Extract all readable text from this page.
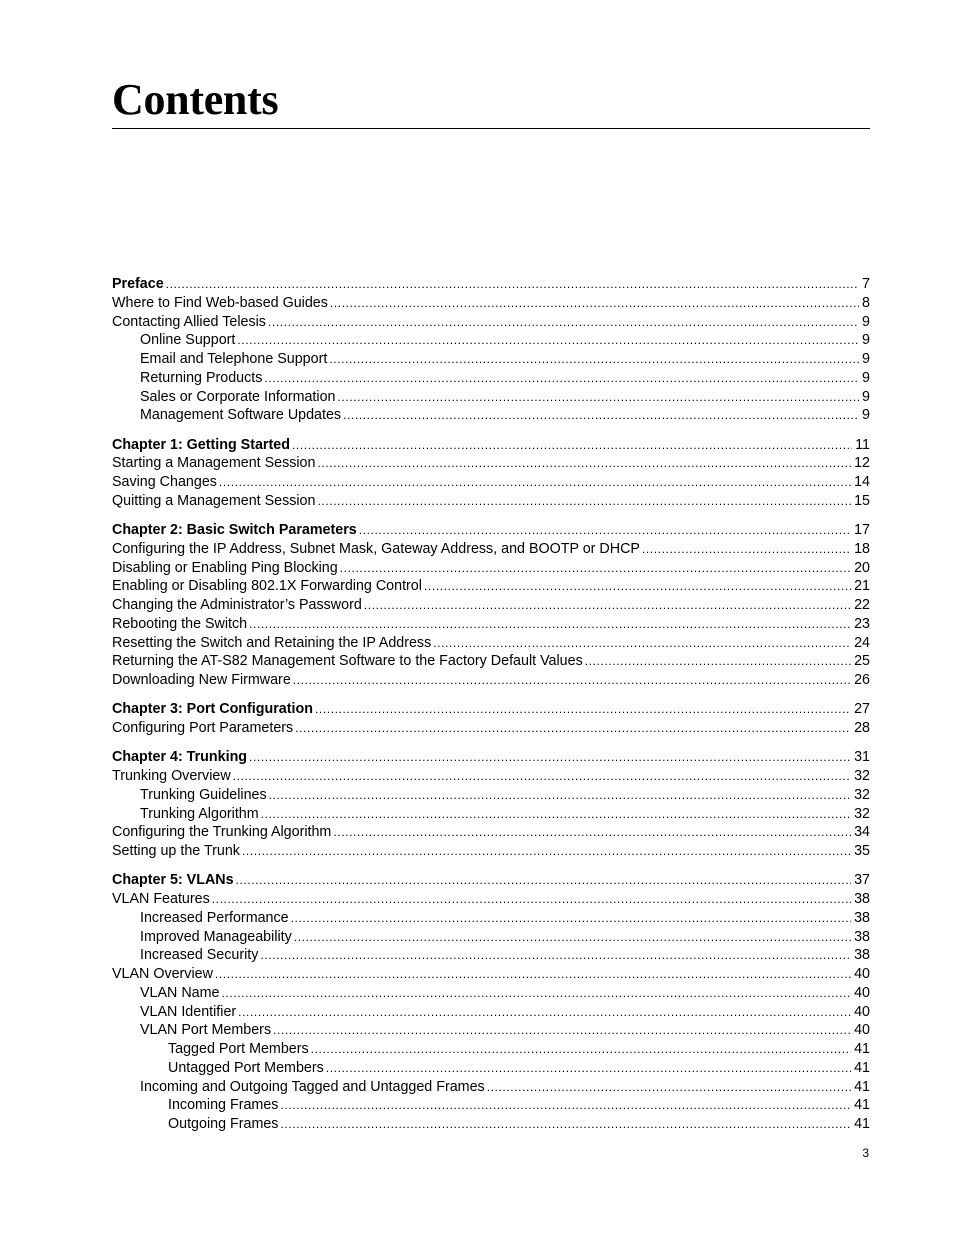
Contents
Preface .....	7
Where to Find Web-based Guides .....	8
Contacting Allied Telesis .....	9
Online Support .....	9
Email and Telephone Support .....	9
Returning Products .....	9
Sales or Corporate Information .....	9
Management Software Updates .....	9
Chapter 1: Getting Started .....	11
Starting a Management Session .....	12
Saving Changes .....	14
Quitting a Management Session .....	15
Chapter 2: Basic Switch Parameters .....	17
Configuring the IP Address, Subnet Mask, Gateway Address, and BOOTP or DHCP .....	18
Disabling or Enabling Ping Blocking .....	20
Enabling or Disabling 802.1X Forwarding Control .....	21
Changing the Administrator’s Password .....	22
Rebooting the Switch .....	23
Resetting the Switch and Retaining the IP Address .....	24
Returning the AT-S82 Management Software to the Factory Default Values .....	25
Downloading New Firmware .....	26
Chapter 3: Port Configuration .....	27
Configuring Port Parameters .....	28
Chapter 4: Trunking .....	31
Trunking Overview .....	32
Trunking Guidelines .....	32
Trunking Algorithm .....	32
Configuring the Trunking Algorithm .....	34
Setting up the Trunk .....	35
Chapter 5: VLANs .....	37
VLAN Features .....	38
Increased Performance .....	38
Improved Manageability .....	38
Increased Security .....	38
VLAN Overview .....	40
VLAN Name .....	40
VLAN Identifier .....	40
VLAN Port Members .....	40
Tagged Port Members .....	41
Untagged Port Members .....	41
Incoming and Outgoing Tagged and Untagged Frames .....	41
Incoming Frames .....	41
Outgoing Frames .....	41
3
